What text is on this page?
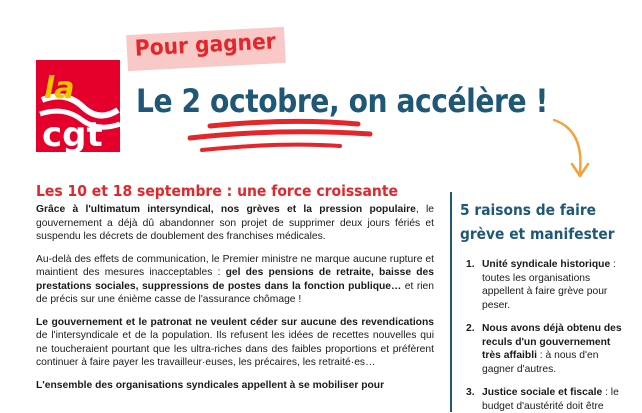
la
cgt
Pour gagner
Le 2 octobre, on accélère !
Les 10 et 18 septembre : une force croissante

Grâce à l'ultimatum intersyndical, nos grèves et la pression populaire, le gouvernement a déjà dû abandonner son projet de supprimer deux jours fériés et suspendu les décrets de doublement des franchises médicales.

Au-delà des effets de communication, le Premier ministre ne marque aucune rupture et maintient des mesures inacceptables : gel des pensions de retraite, baisse des prestations sociales, suppressions de postes dans la fonction publique… et rien de précis sur une énième casse de l'assurance chômage !

Le gouvernement et le patronat ne veulent céder sur aucune des revendications de l'intersyndicale et de la population. Ils refusent les idées de recettes nouvelles qui ne toucheraient pourtant que les ultra-riches dans des faibles proportions et préfèrent continuer à faire payer les travailleur·euses, les précaires, les retraité·es…

L'ensemble des organisations syndicales appellent à se mobiliser pour

5 raisons de faire
grève et manifester
1. Unité syndicale historique : toutes les organisations appellent à faire grève pour peser.
2. Nous avons déjà obtenu des reculs d'un gouvernement très affaibli : à nous d'en gagner d'autres.
3. Justice sociale et fiscale : le budget d'austérité doit être
